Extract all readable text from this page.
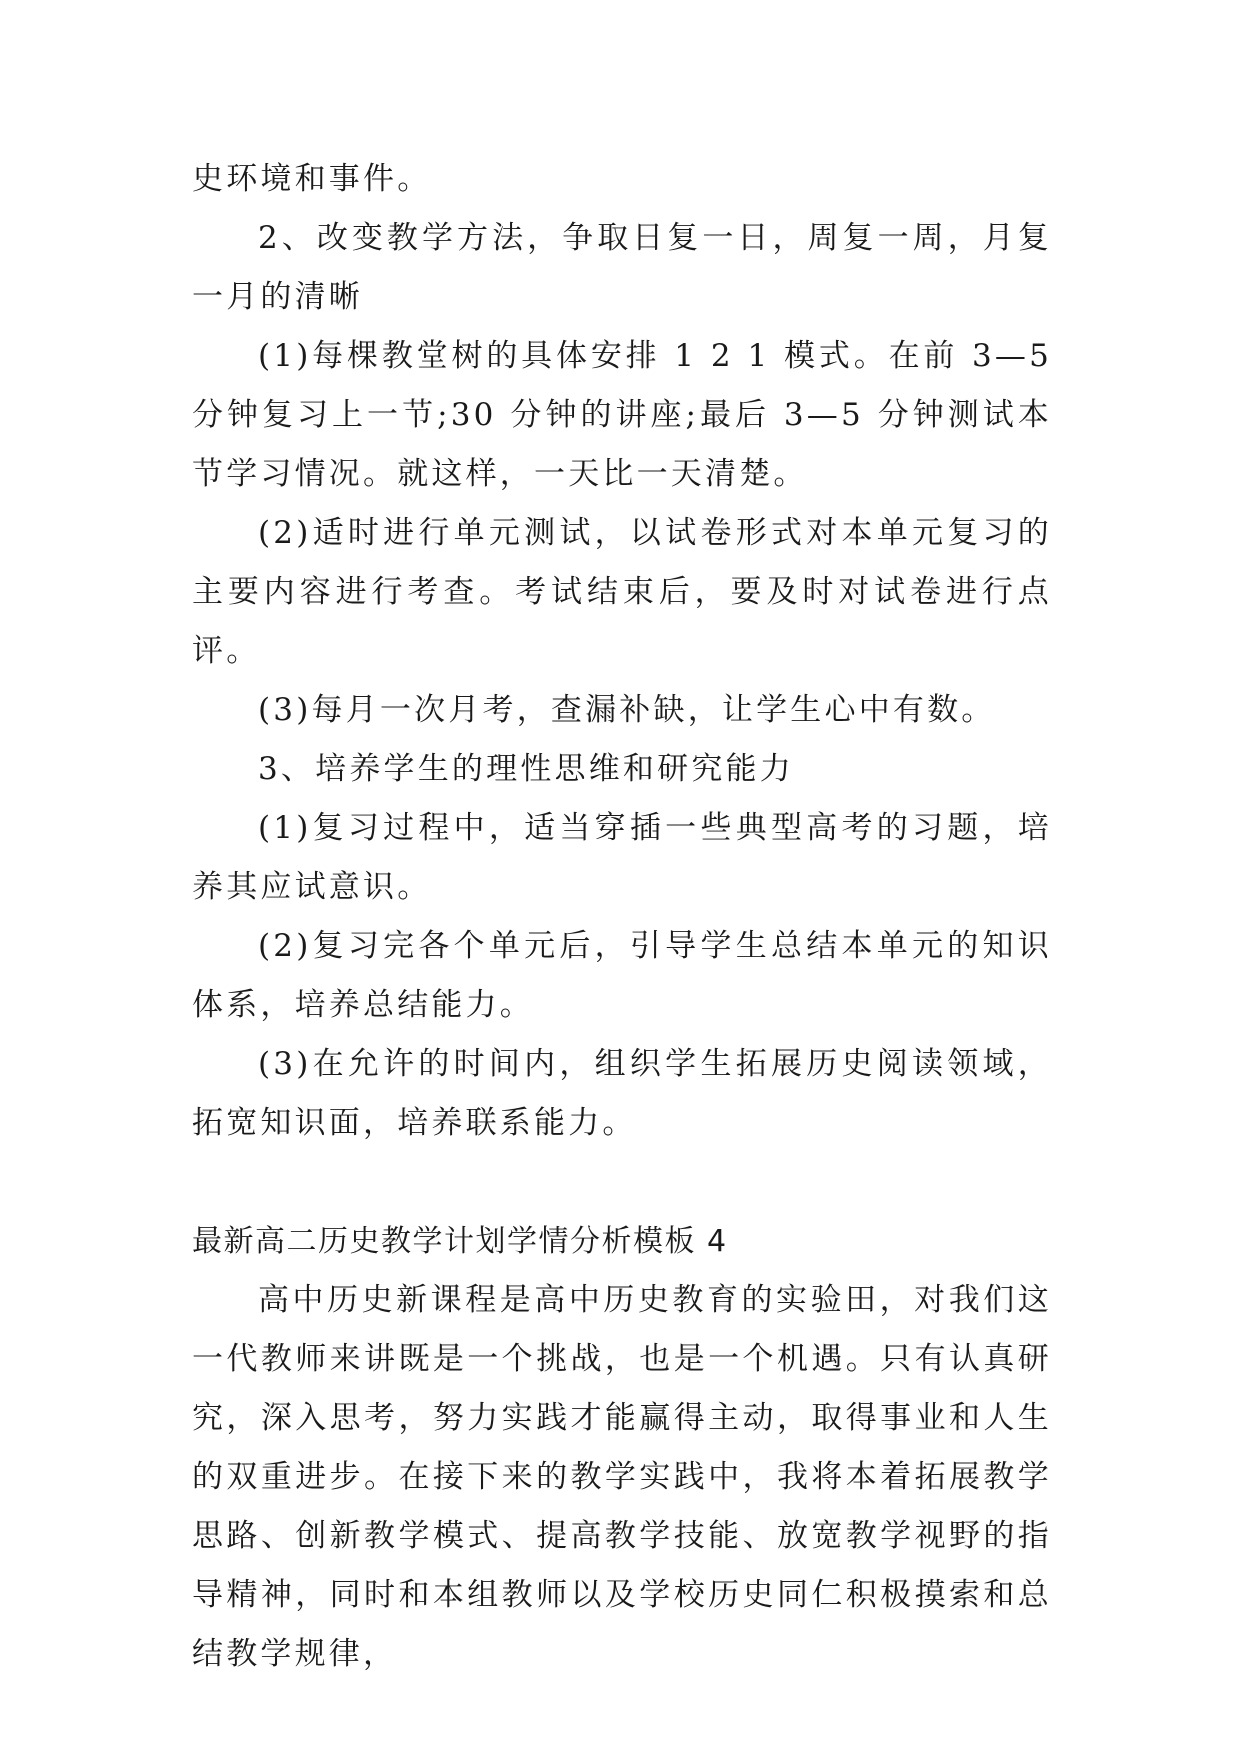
史环境和事件。

2、改变教学方法，争取日复一日，周复一周，月复一月的清晰

(1)每棵教堂树的具体安排 1 2 1 模式。在前 3—5 分钟复习上一节;30 分钟的讲座;最后 3—5 分钟测试本节学习情况。就这样，一天比一天清楚。

(2)适时进行单元测试，以试卷形式对本单元复习的主要内容进行考查。考试结束后，要及时对试卷进行点评。

(3)每月一次月考，查漏补缺，让学生心中有数。

3、培养学生的理性思维和研究能力

(1)复习过程中，适当穿插一些典型高考的习题，培养其应试意识。

(2)复习完各个单元后，引导学生总结本单元的知识体系，培养总结能力。

(3)在允许的时间内，组织学生拓展历史阅读领域，拓宽知识面，培养联系能力。

最新高二历史教学计划学情分析模板 4

高中历史新课程是高中历史教育的实验田，对我们这一代教师来讲既是一个挑战，也是一个机遇。只有认真研究，深入思考，努力实践才能赢得主动，取得事业和人生的双重进步。在接下来的教学实践中，我将本着拓展教学思路、创新教学模式、提高教学技能、放宽教学视野的指导精神，同时和本组教师以及学校历史同仁积极摸索和总结教学规律，
